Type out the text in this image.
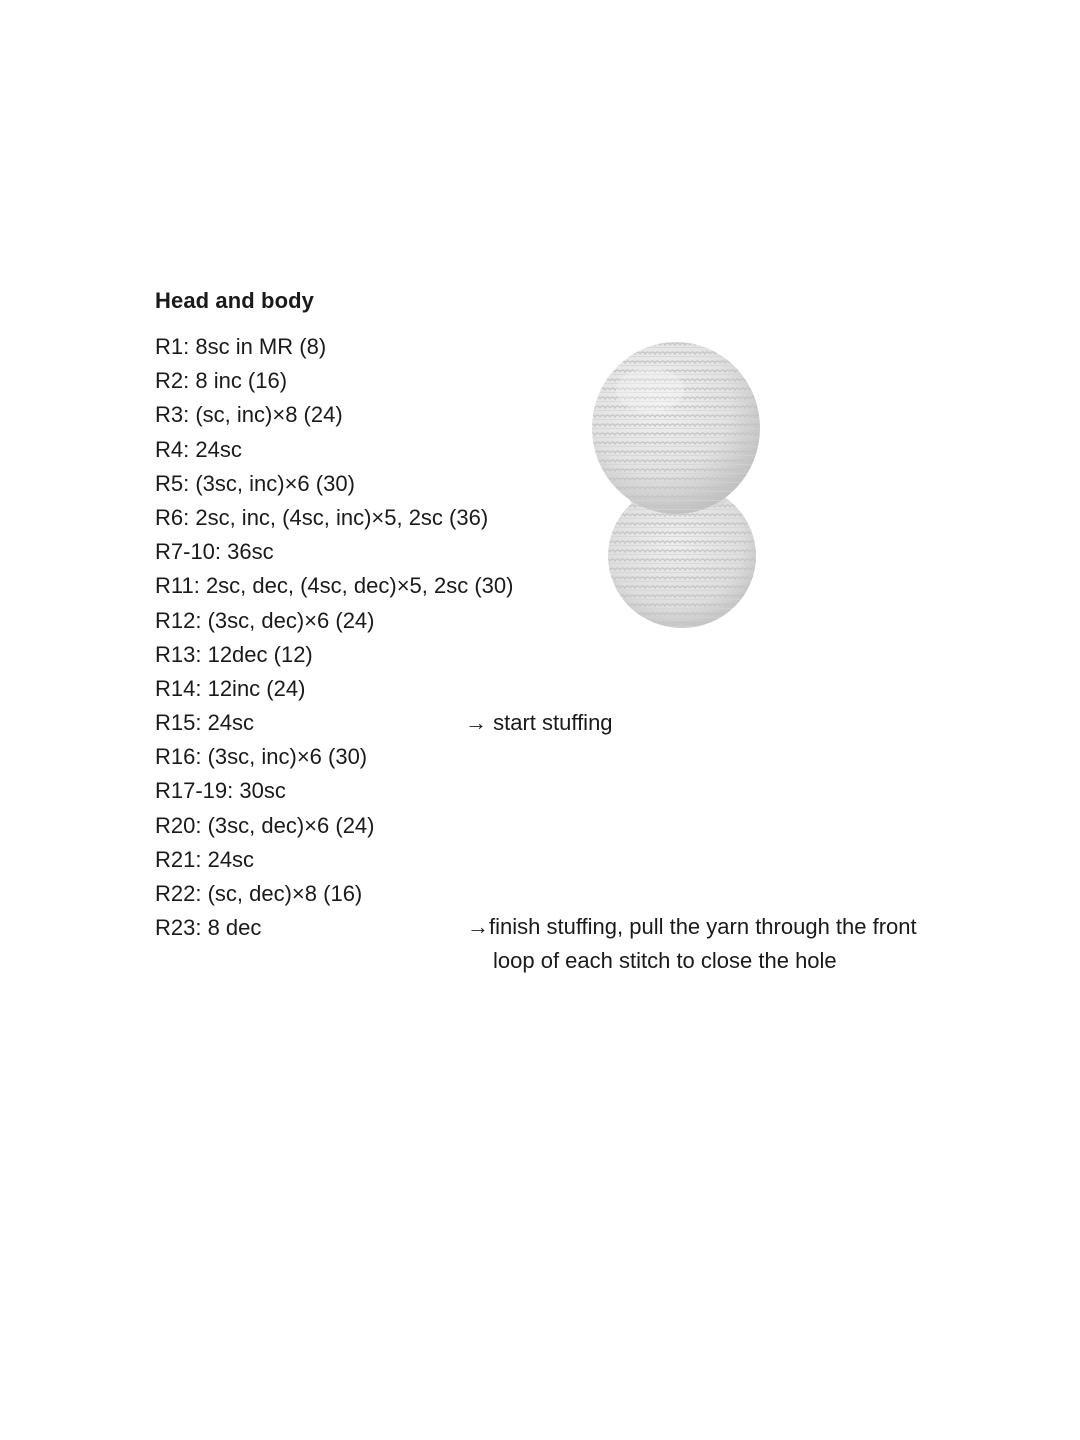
Head and body
R1: 8sc in MR (8)
R2: 8 inc (16)
R3: (sc, inc)×8 (24)
R4: 24sc
R5: (3sc, inc)×6 (30)
R6: 2sc, inc, (4sc, inc)×5, 2sc (36)
R7-10: 36sc
R11: 2sc, dec, (4sc, dec)×5, 2sc (30)
R12: (3sc, dec)×6 (24)
R13: 12dec (12)
R14: 12inc (24)
R15: 24sc
R16: (3sc, inc)×6 (30)
R17-19: 30sc
R20: (3sc, dec)×6 (24)
R21: 24sc
R22: (sc, dec)×8 (16)
R23: 8 dec
→ start stuffing
→finish stuffing, pull the yarn through the front
loop of each stitch to close the hole
